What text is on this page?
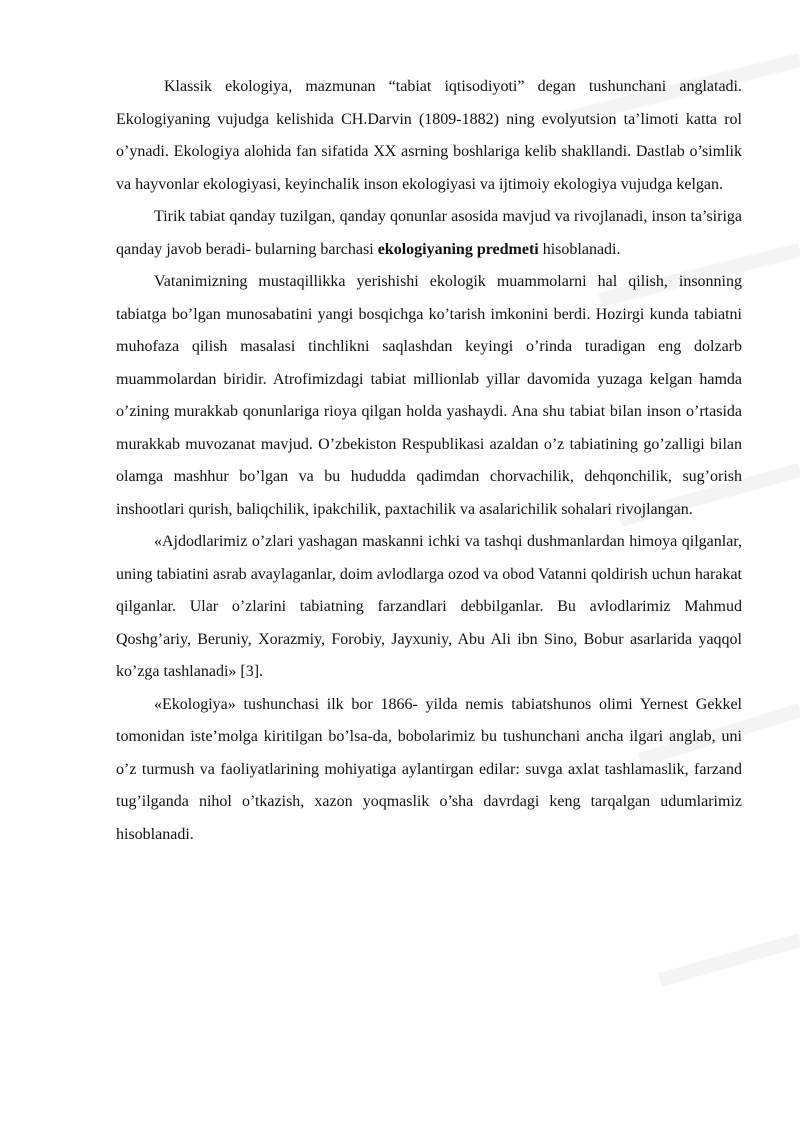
Klassik ekologiya, mazmunan “tabiat iqtisodiyoti” degan tushunchani anglatadi. Ekologiyaning vujudga kelishida CH.Darvin (1809-1882) ning evolyutsion ta’limoti katta rol o’ynadi. Ekologiya alohida fan sifatida XX asrning boshlariga kelib shakllandi. Dastlab o’simlik va hayvonlar ekologiyasi, keyinchalik inson ekologiyasi va ijtimoiy ekologiya vujudga kelgan.

Tirik tabiat qanday tuzilgan, qanday qonunlar asosida mavjud va rivojlanadi, inson ta’siriga qanday javob beradi- bularning barchasi ekologiyaning predmeti hisoblanadi.

Vatanimizning mustaqillikka yerishishi ekologik muammolarni hal qilish, insonning tabiatga bo’lgan munosabatini yangi bosqichga ko’tarish imkonini berdi. Hozirgi kunda tabiatni muhofaza qilish masalasi tinchlikni saqlashdan keyingi o’rinda turadigan eng dolzarb muammolardan biridir. Atrofimizdagi tabiat millionlab yillar davomida yuzaga kelgan hamda o’zining murakkab qonunlariga rioya qilgan holda yashaydi. Ana shu tabiat bilan inson o’rtasida murakkab muvozanat mavjud. O’zbekiston Respublikasi azaldan o’z tabiatining go’zalligi bilan olamga mashhur bo’lgan va bu hududda qadimdan chorvachilik, dehqonchilik, sug’orish inshootlari qurish, baliqchilik, ipakchilik, paxtachilik va asalarichilik sohalari rivojlangan.

«Ajdodlarimiz o’zlari yashagan maskanni ichki va tashqi dushmanlardan himoya qilganlar, uning tabiatini asrab avaylaganlar, doim avlodlarga ozod va obod Vatanni qoldirish uchun harakat qilganlar. Ular o’zlarini tabiatning farzandlari debbilganlar. Bu avlodlarimiz Mahmud Qoshg’ariy, Beruniy, Xorazmiy, Forobiy, Jayxuniy, Abu Ali ibn Sino, Bobur asarlarida yaqqol ko’zga tashlanadi» [3].

«Ekologiya» tushunchasi ilk bor 1866- yilda nemis tabiatshunos olimi Yernest Gekkel tomonidan iste’molga kiritilgan bo’lsa-da, bobolarimiz bu tushunchani ancha ilgari anglab, uni o’z turmush va faoliyatlarining mohiyatiga aylantirgan edilar: suvga axlat tashlamaslik, farzand tug’ilganda nihol o’tkazish, xazon yoqmaslik o’sha davrdagi keng tarqalgan udumlarimiz hisoblanadi.
